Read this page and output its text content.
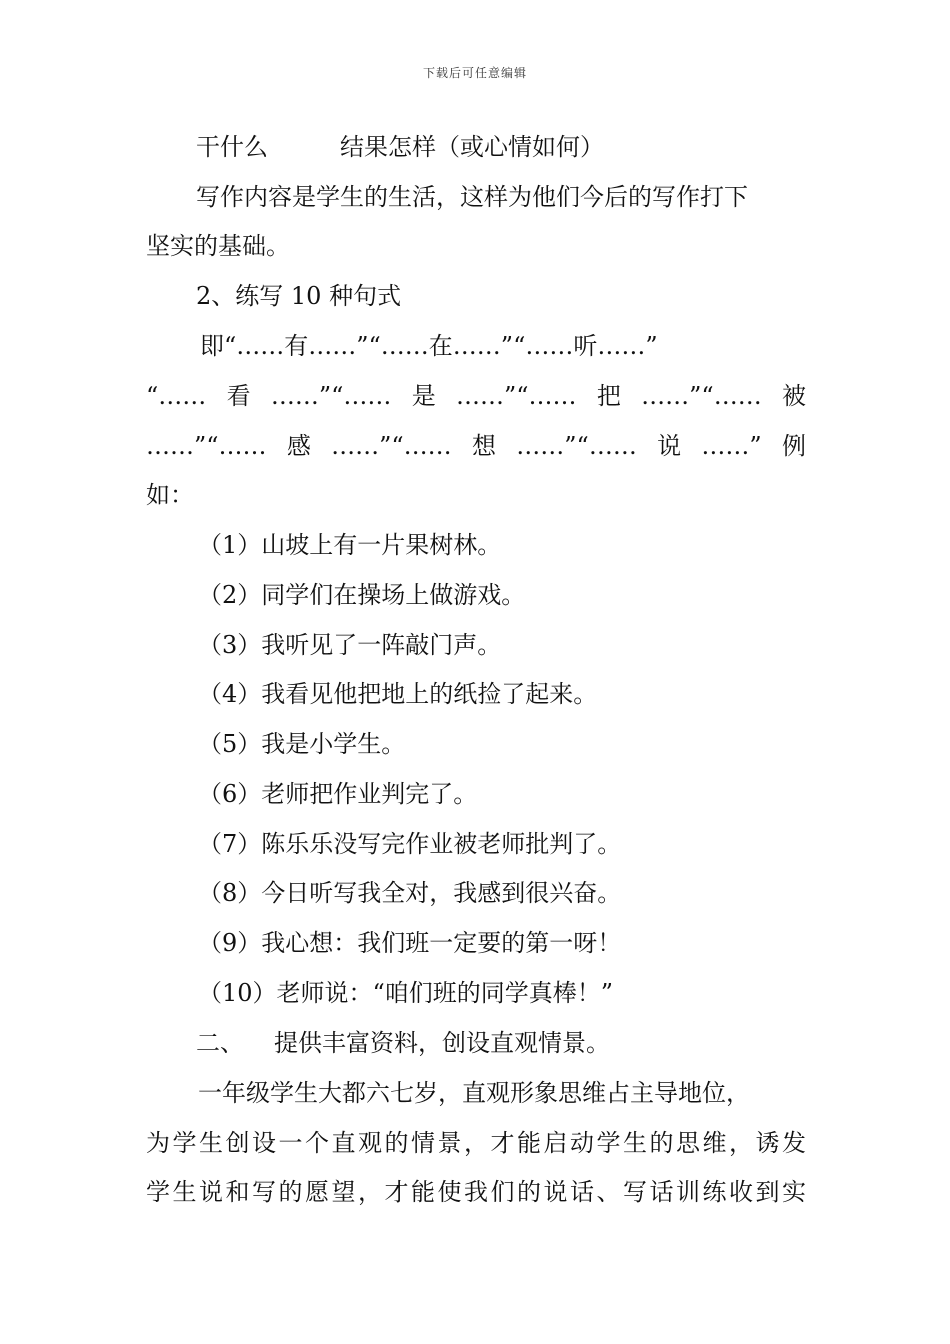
下载后可任意编辑
干什么	结果怎样（或心情如何）
写作内容是学生的生活，这样为他们今后的写作打下
坚实的基础。
2、练写 10 种句式
即“……有……”“……在……”“……听……”
“……看……”“……是……”“……把……”“……被
……”“……感……”“……想……”“……说……”例
如：
（1）山坡上有一片果树林。
（2）同学们在操场上做游戏。
（3）我听见了一阵敲门声。
（4）我看见他把地上的纸捡了起来。
（5）我是小学生。
（6）老师把作业判完了。
（7）陈乐乐没写完作业被老师批判了。
（8）今日听写我全对，我感到很兴奋。
（9）我心想：我们班一定要的第一呀！
（10）老师说：“咱们班的同学真棒！”
二、 提供丰富资料，创设直观情景。
一年级学生大都六七岁，直观形象思维占主导地位，
为学生创设一个直观的情景，才能启动学生的思维，诱发
学生说和写的愿望，才能使我们的说话、写话训练收到实
